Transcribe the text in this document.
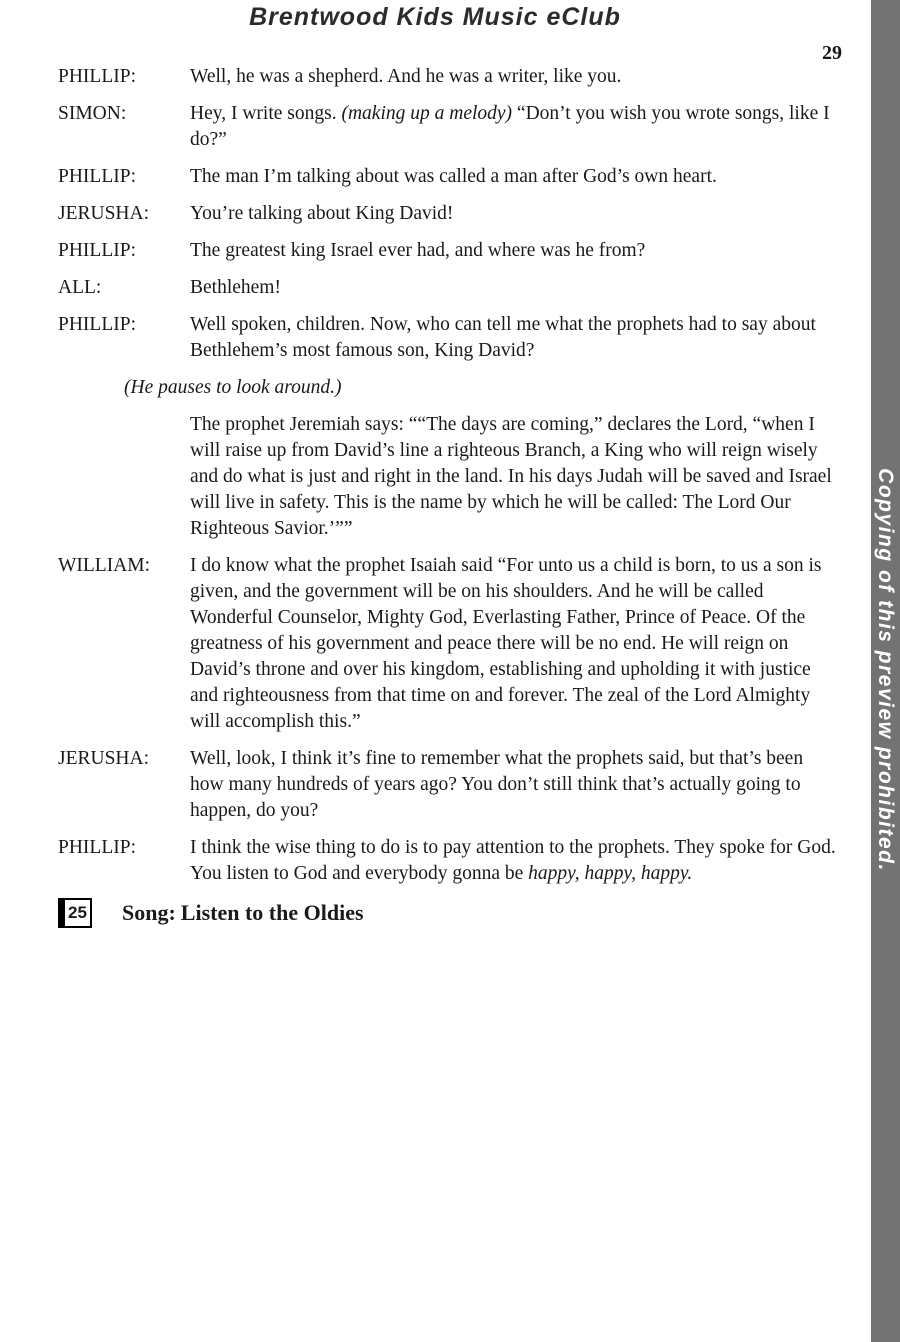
Brentwood Kids Music eClub
29
Copying of this preview prohibited.
PHILLIP:	Well, he was a shepherd. And he was a writer, like you.
SIMON:	Hey, I write songs. (making up a melody) “Don’t you wish you wrote songs, like I do?”
PHILLIP:	The man I’m talking about was called a man after God’s own heart.
JERUSHA:	You’re talking about King David!
PHILLIP:	The greatest king Israel ever had, and where was he from?
ALL:	Bethlehem!
PHILLIP:	Well spoken, children. Now, who can tell me what the prophets had to say about Bethlehem’s most famous son, King David?
(He pauses to look around.)
The prophet Jeremiah says: ““The days are coming,” declares the Lord, “when I will raise up from David’s line a righteous Branch, a King who will reign wisely and do what is just and right in the land. In his days Judah will be saved and Israel will live in safety. This is the name by which he will be called: The Lord Our Righteous Savior.’””
WILLIAM:	I do know what the prophet Isaiah said “For unto us a child is born, to us a son is given, and the government will be on his shoulders. And he will be called Wonderful Counselor, Mighty God, Everlasting Father, Prince of Peace. Of the greatness of his government and peace there will be no end. He will reign on David’s throne and over his kingdom, establishing and upholding it with justice and righteousness from that time on and forever. The zeal of the Lord Almighty will accomplish this.”
JERUSHA:	Well, look, I think it’s fine to remember what the prophets said, but that’s been how many hundreds of years ago? You don’t still think that’s actually going to happen, do you?
PHILLIP:	I think the wise thing to do is to pay attention to the prophets. They spoke for God. You listen to God and everybody gonna be happy, happy, happy.
25 Song: Listen to the Oldies
